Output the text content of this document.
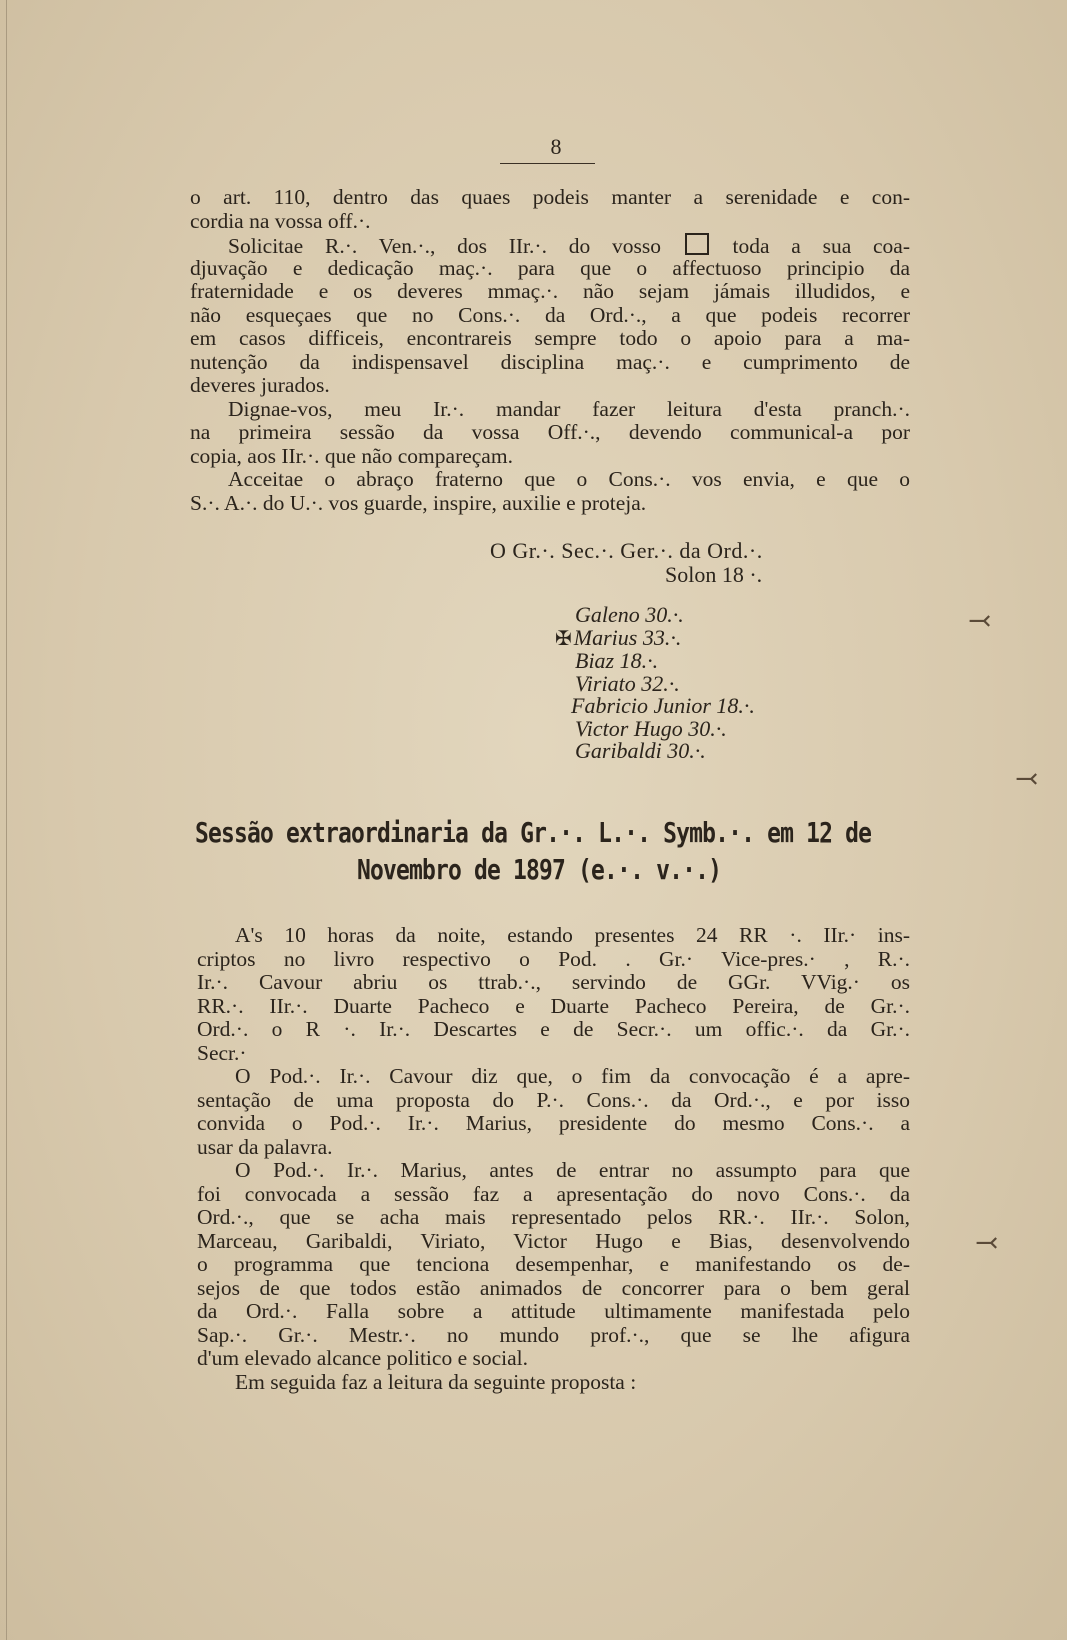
8
o art. 110, dentro das quaes podeis manter a serenidade e con-
cordia na vossa off.·.
Solicitae R.·. Ven.·., dos IIr.·. do vosso	toda a sua coa-
djuvação e dedicação maç.·. para que o affectuoso principio da
fraternidade e os deveres mmaç.·. não sejam jámais illudidos, e
não esqueçaes que no Cons.·. da Ord.·., a que podeis recorrer
em casos difficeis, encontrareis sempre todo o apoio para a ma-
nutenção da indispensavel disciplina maç.·. e cumprimento de
deveres jurados.
Dignae-vos, meu Ir.·. mandar fazer leitura d'esta pranch.·.
na primeira sessão da vossa Off.·., devendo communical-a por
copia, aos IIr.·. que não compareçam.
Acceitae o abraço fraterno que o Cons.·. vos envia, e que o
S.·. A.·. do U.·. vos guarde, inspire, auxilie e proteja.
O Gr.·. Sec.·. Ger.·. da Ord.·.
Solon 18 ·.
Galeno 30.·.
✠Marius 33.·.
Biaz 18.·.
Viriato 32.·.
Fabricio Junior 18.·.
Victor Hugo 30.·.
Garibaldi 30.·.
⤙
⤙
⤙
Sessão extraordinaria da Gr.·. L.·. Symb.·. em 12 de
Novembro de 1897 (e.·. v.·.)
A's 10 horas da noite, estando presentes 24 RR ·. IIr.· ins-
criptos no livro respectivo o Pod. . Gr.· Vice-pres.· , R.·.
Ir.·. Cavour abriu os ttrab.·., servindo de GGr. VVig.· os
RR.·. IIr.·. Duarte Pacheco e Duarte Pacheco Pereira, de Gr.·.
Ord.·. o R ·. Ir.·. Descartes e de Secr.·. um offic.·. da Gr.·.
Secr.·
O Pod.·. Ir.·. Cavour diz que, o fim da convocação é a apre-
sentação de uma proposta do P.·. Cons.·. da Ord.·., e por isso
convida o Pod.·. Ir.·. Marius, presidente do mesmo Cons.·. a
usar da palavra.
O Pod.·. Ir.·. Marius, antes de entrar no assumpto para que
foi convocada a sessão faz a apresentação do novo Cons.·. da
Ord.·., que se acha mais representado pelos RR.·. IIr.·. Solon,
Marceau, Garibaldi, Viriato, Victor Hugo e Bias, desenvolvendo
o programma que tenciona desempenhar, e manifestando os de-
sejos de que todos estão animados de concorrer para o bem geral
da Ord.·. Falla sobre a attitude ultimamente manifestada pelo
Sap.·. Gr.·. Mestr.·. no mundo prof.·., que se lhe afigura
d'um elevado alcance politico e social.
Em seguida faz a leitura da seguinte proposta :
